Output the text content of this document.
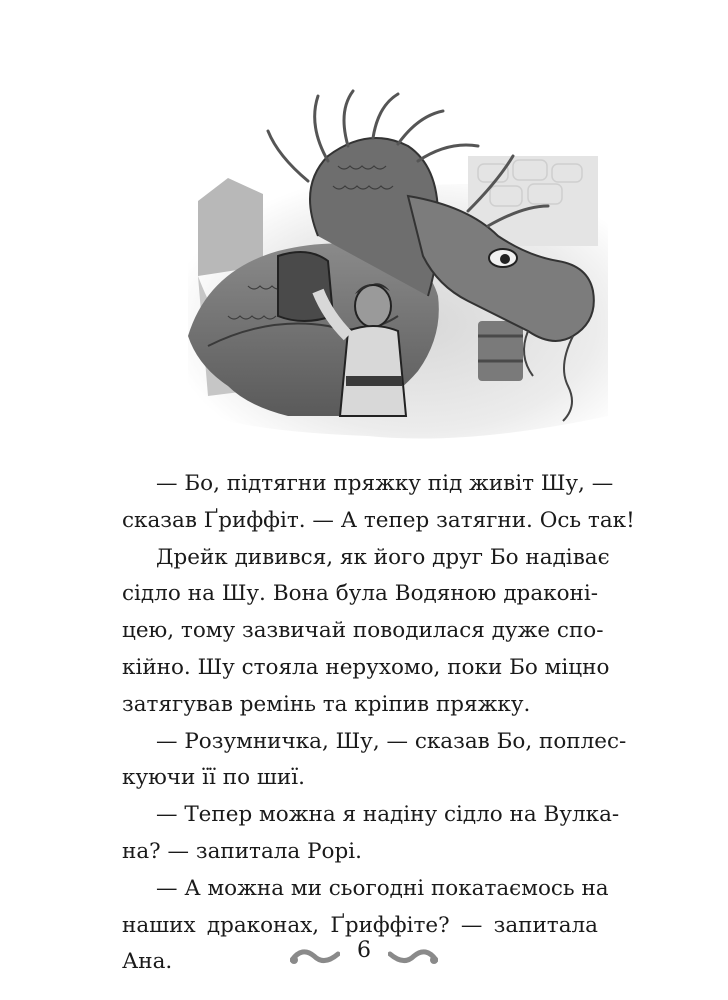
— Бо, підтягни пряжку під живіт Шу, —
сказав Ґриффіт. — А тепер затягни. Ось так!
Дрейк дивився, як його друг Бо надіває
сідло на Шу. Вона була Водяною драконі-
цею, тому зазвичай поводилася дуже спо-
кійно. Шу стояла нерухомо, поки Бо міцно
затягував ремінь та кріпив пряжку.
— Розумничка, Шу, — сказав Бо, поплес-
куючи її по шиї.
— Тепер можна я надіну сідло на Вулка-
на? — запитала Рорі.
— А можна ми сьогодні покатаємось на
наших драконах, Ґриффіте? — запитала
Ана.	6
